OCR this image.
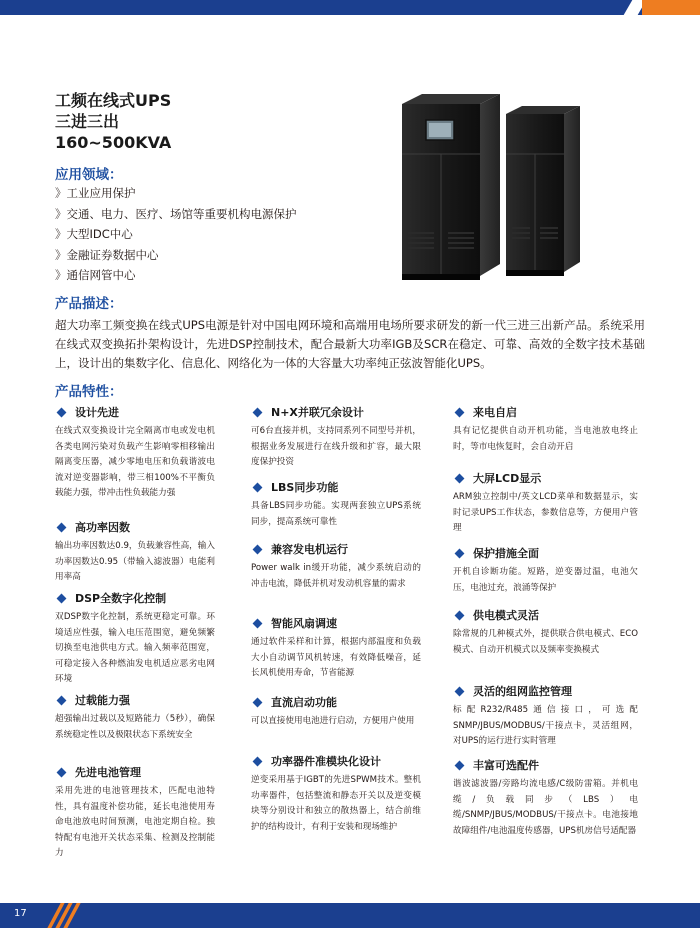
工频在线式UPS
三进三出
160~500KVA
应用领域：
》工业应用保护
》交通、电力、医疗、场馆等重要机构电源保护
》大型IDC中心
》金融证券数据中心
》通信网管中心
产品描述：
超大功率工频变换在线式UPS电源是针对中国电网环境和高端用电场所要求研发的新一代三进三出新产品。系统采用在线式双变换拓扑架构设计，先进DSP控制技术，配合最新大功率IGB及SCR在稳定、可靠、高效的全数字技术基础上，设计出的集数字化、信息化、网络化为一体的大容量大功率纯正弦波智能化UPS。
产品特性：
设计先进
在线式双变换设计完全隔离市电或发电机各类电网污染对负载产生影响零相移输出隔离变压器，减少零地电压和负载谐波电流对逆变器影响，带三相100%不平衡负载能力强，带冲击性负载能力强
高功率因数
输出功率因数达0.9，负载兼容性高，输入功率因数达0.95（带输入滤波器）电能利用率高
DSP全数字化控制
双DSP数字化控制，系统更稳定可靠。环境适应性强，输入电压范围宽，避免频繁切换至电池供电方式。输入频率范围宽，可稳定接入各种燃油发电机适应恶劣电网环境
过载能力强
超强输出过载以及短路能力（5秒），确保系统稳定性以及极限状态下系统安全
先进电池管理
采用先进的电池管理技术，匹配电池特性，具有温度补偿功能，延长电池使用寿命电池放电时间预测，电池定期自检。独特配有电池开关状态采集、检测及控制能力
N+X并联冗余设计
可6台直接并机，支持同系列不同型号并机，根据业务发展进行在线升级和扩容，最大限度保护投资
LBS同步功能
具备LBS同步功能。实现两套独立UPS系统同步，提高系统可靠性
兼容发电机运行
Power walk in缓开功能，减少系统启动的冲击电流，降低并机对发动机容量的需求
智能风扇调速
通过软件采样和计算，根据内部温度和负载大小自动调节风机转速，有效降低噪音，延长风机使用寿命，节省能源
直流启动功能
可以直接使用电池进行启动，方便用户使用
功率器件准模块化设计
逆变采用基于IGBT的先进SPWM技术。整机功率器件，包括整流和静态开关以及逆变模块等分别设计和独立的散热器上，结合前维护的结构设计，有利于安装和现场维护
来电自启
具有记忆提供自动开机功能，当电池放电终止时，等市电恢复时，会自动开启
大屏LCD显示
ARM独立控制中/英文LCD菜单和数据显示，实时记录UPS工作状态，参数信息等，方便用户管理
保护措施全面
开机自诊断功能。短路，逆变器过温，电池欠压，电池过充，浪涌等保护
供电模式灵活
除常规的几种模式外，提供联合供电模式、ECO模式、自动开机模式以及频率变换模式
灵活的组网监控管理
标配R232/R485通信接口，可选配SNMP/JBUS/MODBUS/干接点卡，灵活组网，对UPS的运行进行实时管理
丰富可选配件
谐波滤波器/旁路均流电感/C级防雷箱。并机电缆/负载同步（LBS）电缆/SNMP/JBUS/MODBUS/干接点卡。电池接地故障组件/电池温度传感器，UPS机房信号适配器
17
